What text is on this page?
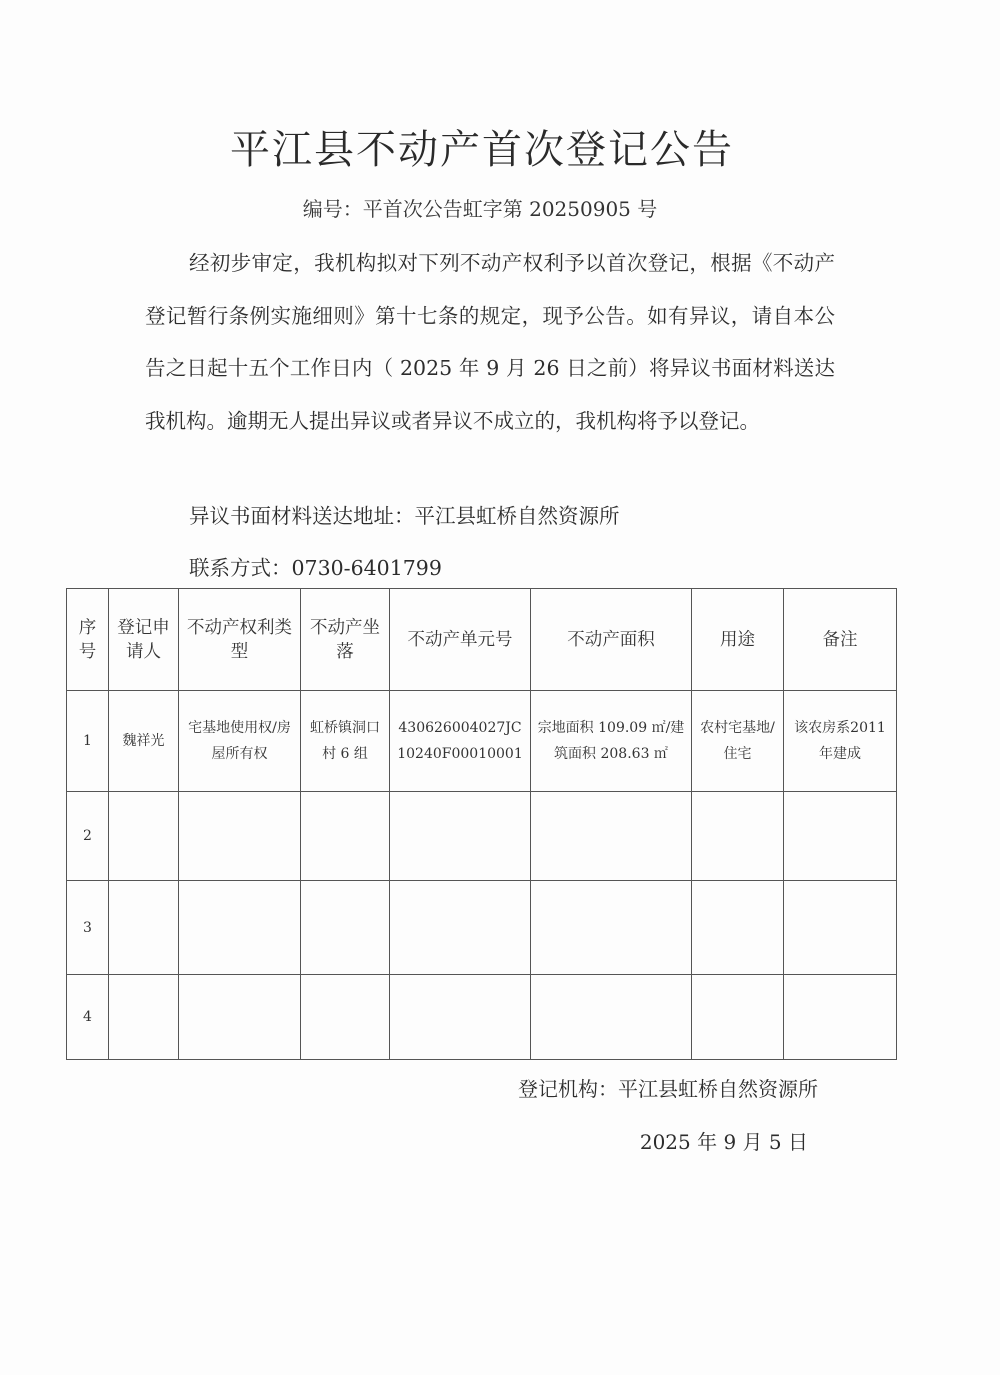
平江县不动产首次登记公告
编号：平首次公告虹字第 20250905 号

经初步审定，我机构拟对下列不动产权利予以首次登记，根据《不动产登记暂行条例实施细则》第十七条的规定，现予公告。如有异议，请自本公告之日起十五个工作日内（ 2025 年 9 月 26 日之前）将异议书面材料送达我机构。逾期无人提出异议或者异议不成立的，我机构将予以登记。

异议书面材料送达地址：平江县虹桥自然资源所

联系方式：0730-6401799

序号	登记申请人	不动产权利类型	不动产坐落	不动产单元号	不动产面积	用途	备注
1	魏祥光	宅基地使用权/房屋所有权	虹桥镇洞口村 6 组	430626004027JC10240F00010001	宗地面积 109.09 ㎡/建筑面积 208.63 ㎡	农村宅基地/住宅	该农房系2011 年建成
2							
3							
4							
登记机构：平江县虹桥自然资源所
2025 年 9 月 5 日
